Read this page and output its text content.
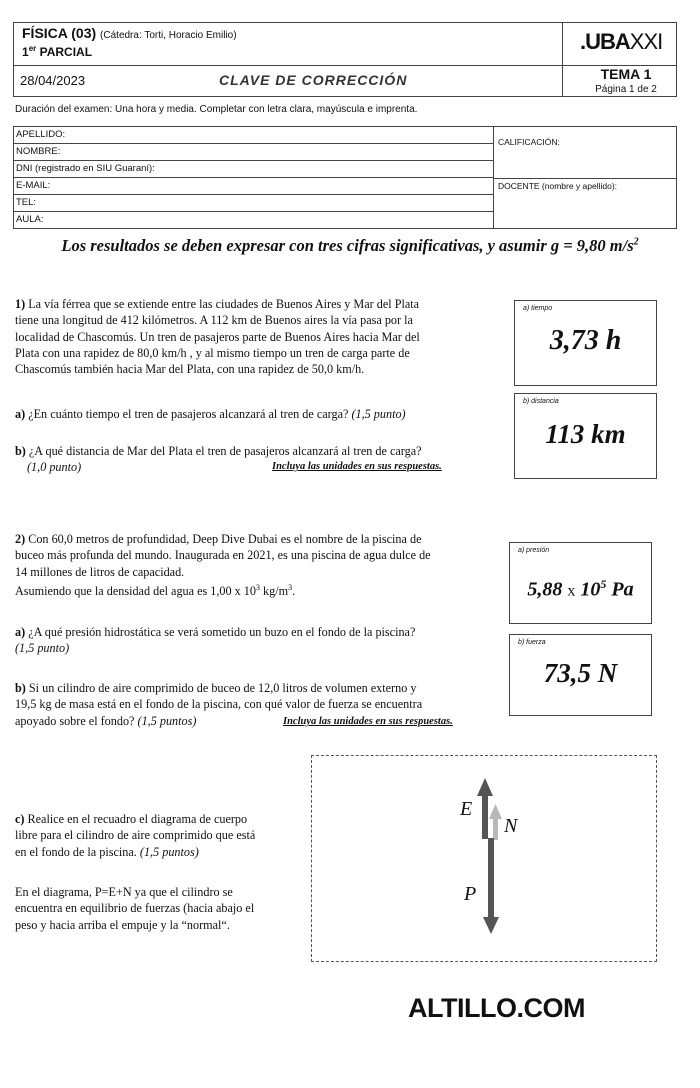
FÍSICA (03) (Cátedra: Torti, Horacio Emilio)
1er PARCIAL
28/04/2023	CLAVE DE CORRECCIÓN
.UBAXXI
TEMA 1
Página 1 de 2
Duración del examen: Una hora y media. Completar con letra clara, mayúscula e imprenta.
APELLIDO:
NOMBRE:
DNI (registrado en SIU Guaraní):
E-MAIL:
TEL:
AULA:
CALIFICACIÓN:
DOCENTE (nombre y apellido):
Los resultados se deben expresar con tres cifras significativas, y asumir g = 9,80 $m/s^2$
1) La vía férrea que se extiende entre las ciudades de Buenos Aires y Mar del Plata
tiene una longitud de 412 kilómetros. A 112 km de Buenos aires la vía pasa por la
localidad de Chascomús. Un tren de pasajeros parte de Buenos Aires hacia Mar del
Plata con una rapidez de 80,0 km/h , y al mismo tiempo un tren de carga parte de
Chascomús también hacia Mar del Plata, con una rapidez de 50,0 km/h.
a) ¿En cuánto tiempo el tren de pasajeros alcanzará al tren de carga? (1,5 punto)
b) ¿A qué distancia de Mar del Plata el tren de pasajeros alcanzará al tren de carga?
(1,0 punto)	Incluya las unidades en sus respuestas.
a) tiempo
3,73 h
b) distancia
113 km
2) Con 60,0 metros de profundidad, Deep Dive Dubai es el nombre de la piscina de
buceo más profunda del mundo. Inaugurada en 2021, es una piscina de agua dulce de
14 millones de litros de capacidad.
Asumiendo que la densidad del agua es 1,00 x $10^3$ $kg/m^3$.
a) ¿A qué presión hidrostática se verá sometido un buzo en el fondo de la piscina?
(1,5 punto)
b) Si un cilindro de aire comprimido de buceo de 12,0 litros de volumen externo y
19,5 kg de masa está en el fondo de la piscina, con qué valor de fuerza se encuentra
apoyado sobre el fondo? (1,5 puntos)	Incluya las unidades en sus respuestas.
a) presión
5,88 x $10^5$ Pa
b) fuerza
73,5 N
c) Realice en el recuadro el diagrama de cuerpo
libre para el cilindro de aire comprimido que está
en el fondo de la piscina. (1,5 puntos)
En el diagrama, P=E+N ya que el cilindro se
encuentra en equilibrio de fuerzas (hacia abajo el
peso y hacia arriba el empuje y la “normal“.
E
N
P
ALTILLO.COM
